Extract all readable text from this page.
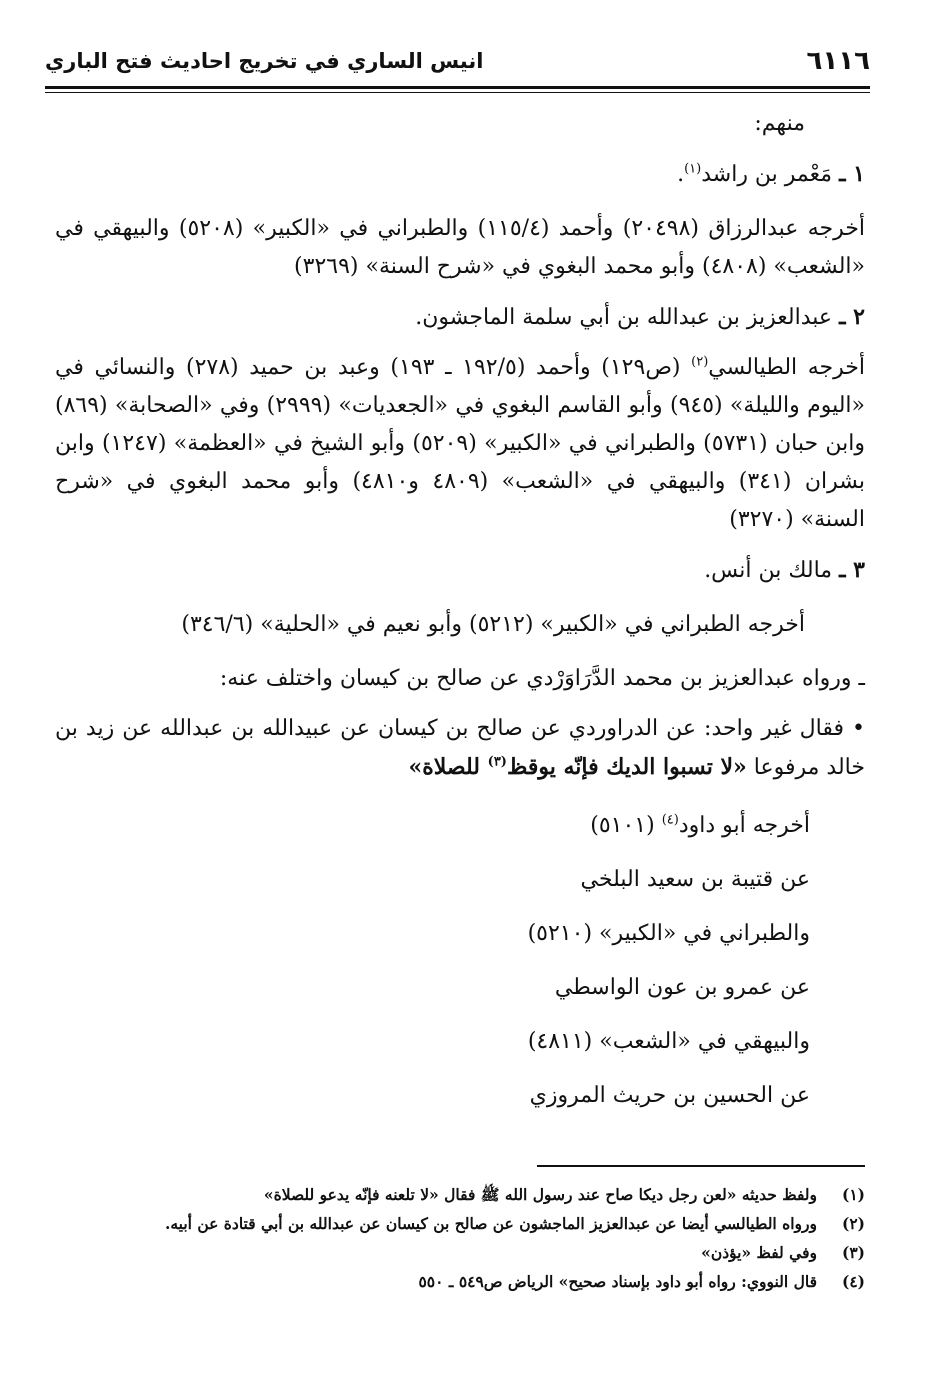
٦١١٦
انيس الساري في تخريج احاديث فتح الباري
منهم:
١ ـ مَعْمر بن راشد$^{(١)}$.
أخرجه عبدالرزاق (٢٠٤٩٨) وأحمد (١١٥/٤) والطبراني في «الكبير» (٥٢٠٨) والبيهقي في «الشعب» (٤٨٠٨) وأبو محمد البغوي في «شرح السنة» (٣٢٦٩)
٢ ـ عبدالعزيز بن عبدالله بن أبي سلمة الماجشون.
أخرجه الطيالسي$^{(٢)}$ (ص١٢٩) وأحمد (١٩٢/٥ ـ ١٩٣) وعبد بن حميد (٢٧٨) والنسائي في «اليوم والليلة» (٩٤٥) وأبو القاسم البغوي في «الجعديات» (٢٩٩٩) وفي «الصحابة» (٨٦٩) وابن حبان (٥٧٣١) والطبراني في «الكبير» (٥٢٠٩) وأبو الشيخ في «العظمة» (١٢٤٧) وابن بشران (٣٤١) والبيهقي في «الشعب» (٤٨٠٩ و٤٨١٠) وأبو محمد البغوي في «شرح السنة» (٣٢٧٠)
٣ ـ مالك بن أنس.
أخرجه الطبراني في «الكبير» (٥٢١٢) وأبو نعيم في «الحلية» (٣٤٦/٦)
ـ ورواه عبدالعزيز بن محمد الدَّرَاوَرْدي عن صالح بن كيسان واختلف عنه:
• فقال غير واحد: عن الدراوردي عن صالح بن كيسان عن عبيدالله بن عبدالله عن زيد بن خالد مرفوعا «لا تسبوا الديك فإنّه يوقظ$^{(٣)}$ للصلاة»
أخرجه أبو داود$^{(٤)}$ (٥١٠١)
عن قتيبة بن سعيد البلخي
والطبراني في «الكبير» (٥٢١٠)
عن عمرو بن عون الواسطي
والبيهقي في «الشعب» (٤٨١١)
عن الحسين بن حريث المروزي
(١)ولفظ حديثه «لعن رجل ديكا صاح عند رسول الله ﷺ فقال «لا تلعنه فإنّه يدعو للصلاة»
(٢)ورواه الطيالسي أيضا عن عبدالعزيز الماجشون عن صالح بن كيسان عن عبدالله بن أبي قتادة عن أبيه.
(٣)وفي لفظ «يؤذن»
(٤)قال النووي: رواه أبو داود بإسناد صحيح» الرياض ص٥٤٩ ـ ٥٥٠
